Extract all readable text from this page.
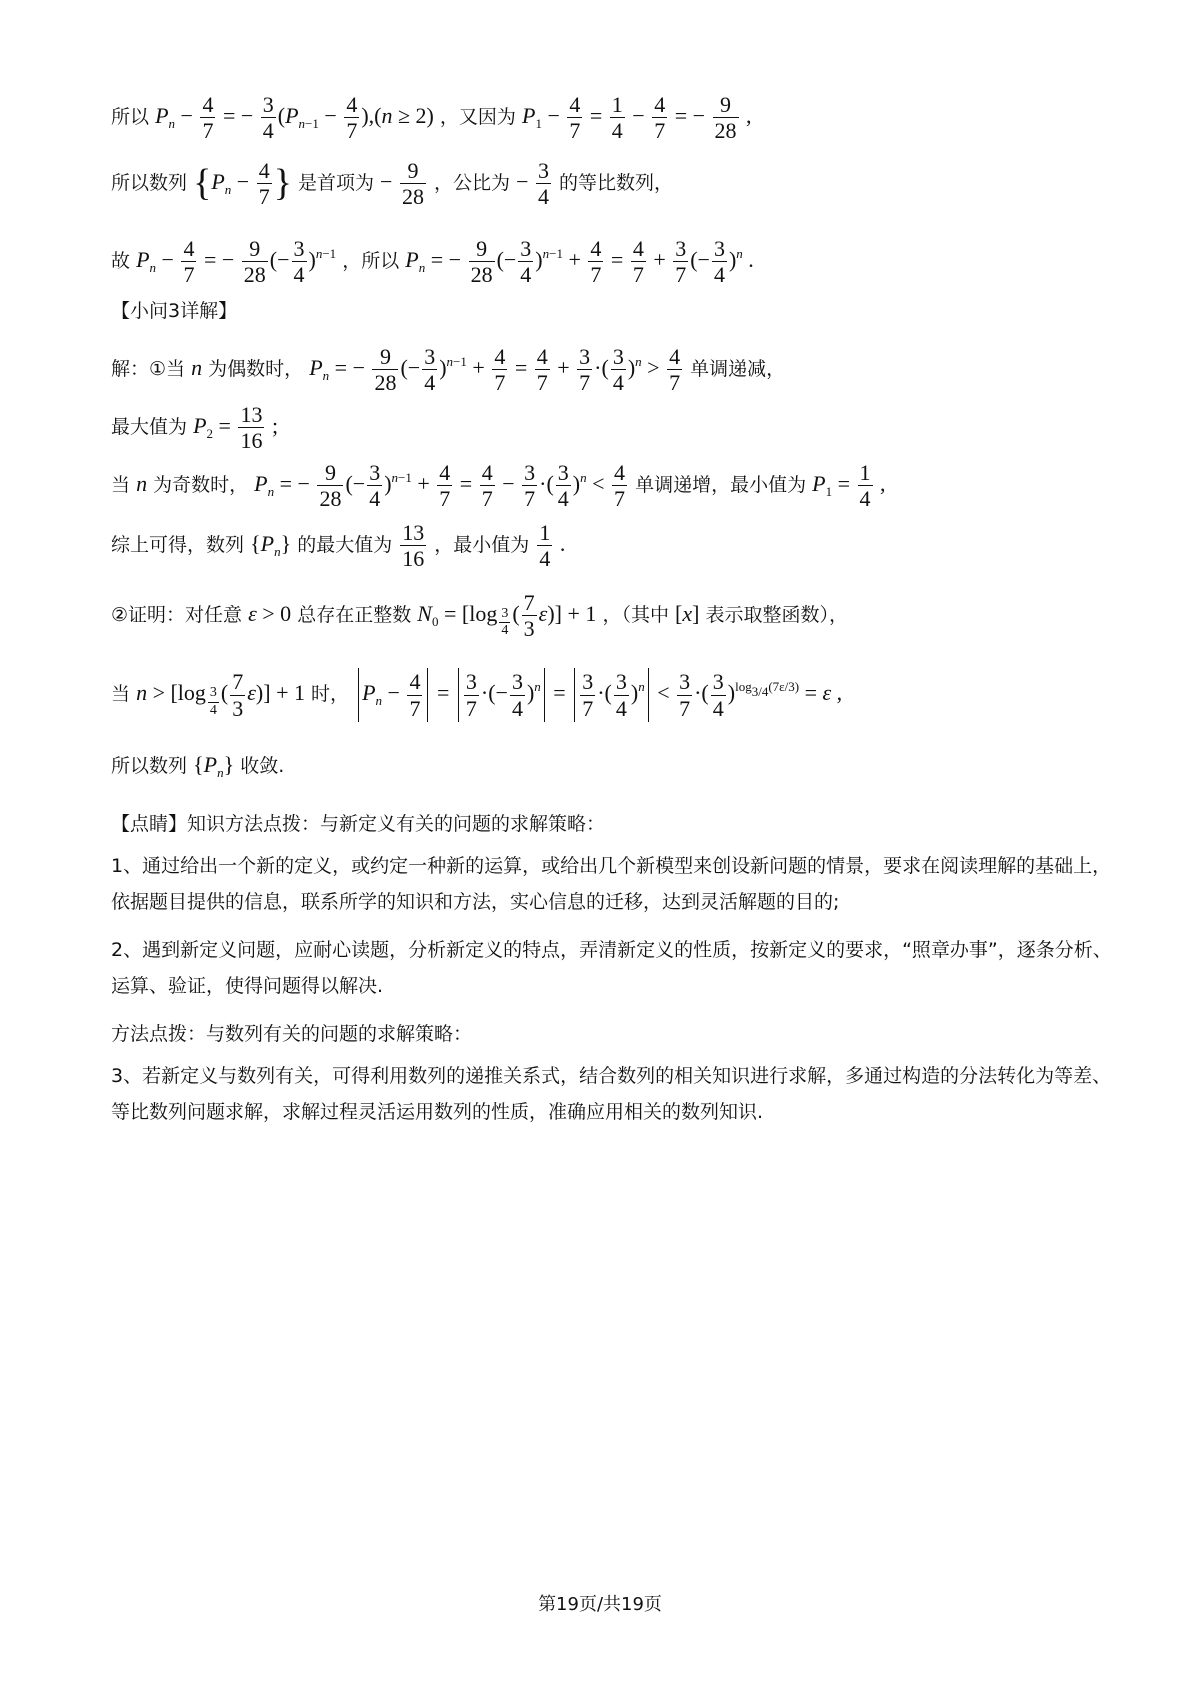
所以 $P_n - \frac{4}{7}$ = − $\frac{3}{4} (P_{n-1} - \frac{4}{7} ),(n \ge 2)$ ，又因为 $P_1 - \frac{4}{7} = \frac{1}{4} - \frac{4}{7}$ = − $\frac{9}{28}$ ,
所以数列 {$P_n - \frac{4}{7}$ } 是首项为 − $\frac{9}{28}$ ，公比为 − $\frac{3}{4}$ 的等比数列，
故 $P_n - \frac{4}{7}$ = − $\frac{9}{28}$ (− $\frac{3}{4} )^{n-1}$ ，所以 $P_n$ = − $\frac{9}{28}$ (− $\frac{3}{4} )^{n-1} + \frac{4}{7} = \frac{4}{7} + \frac{3}{7}$ (− $\frac{3}{4} )^n$ .
【小问3详解】
解：①当 n 为偶数时， $P_n$ = − $\frac{9}{28}$ (− $\frac{3}{4} )^{n-1} + \frac{4}{7} = \frac{4}{7} + \frac{3}{7}$ ·( $\frac{3}{4} )^n > \frac{4}{7}$ 单调递减，
最大值为 $P_2 = \frac{13}{16}$ ;
当 n 为奇数时， $P_n$ = − $\frac{9}{28}$ (− $\frac{3}{4} )^{n-1} + \frac{4}{7} = \frac{4}{7} - \frac{3}{7}$ ·( $\frac{3}{4} )^n < \frac{4}{7}$ 单调递增，最小值为 $P_1 = \frac{1}{4}$ ,
综上可得，数列 $\{P_n\}$ 的最大值为 $\frac{13}{16}$ ，最小值为 $\frac{1}{4}$ .
②证明：对任意 ε > 0 总存在正整数 $N_0 = [\log$ $_{\frac{3}{4}}$ ( $\frac{7}{3} \varepsilon)] + 1$ ，（其中 [x] 表示取整函数），
当 n > [log $_{\frac{3}{4}}$ ( $\frac{7}{3} \varepsilon)] + 1$ 时， $P_n - \frac{4}{7} = \frac{3}{7}$ ·(− $\frac{3}{4} )^n = \frac{3}{7}$ ·( $\frac{3}{4} )^n < \frac{3}{7}$ ·( $\frac{3}{4} )^{log_{3/4}(7\varepsilon/3)} = \varepsilon$ ,
所以数列 $\{P_n\}$ 收敛.
【点睛】知识方法点拨：与新定义有关的问题的求解策略：
1、通过给出一个新的定义，或约定一种新的运算，或给出几个新模型来创设新问题的情景，要求在阅读理解的基础上，依据题目提供的信息，联系所学的知识和方法，实心信息的迁移，达到灵活解题的目的;
2、遇到新定义问题，应耐心读题，分析新定义的特点，弄清新定义的性质，按新定义的要求，“照章办事”，逐条分析、运算、验证，使得问题得以解决.
方法点拨：与数列有关的问题的求解策略：
3、若新定义与数列有关，可得利用数列的递推关系式，结合数列的相关知识进行求解，多通过构造的分法转化为等差、等比数列问题求解，求解过程灵活运用数列的性质，准确应用相关的数列知识.
第19页/共19页
